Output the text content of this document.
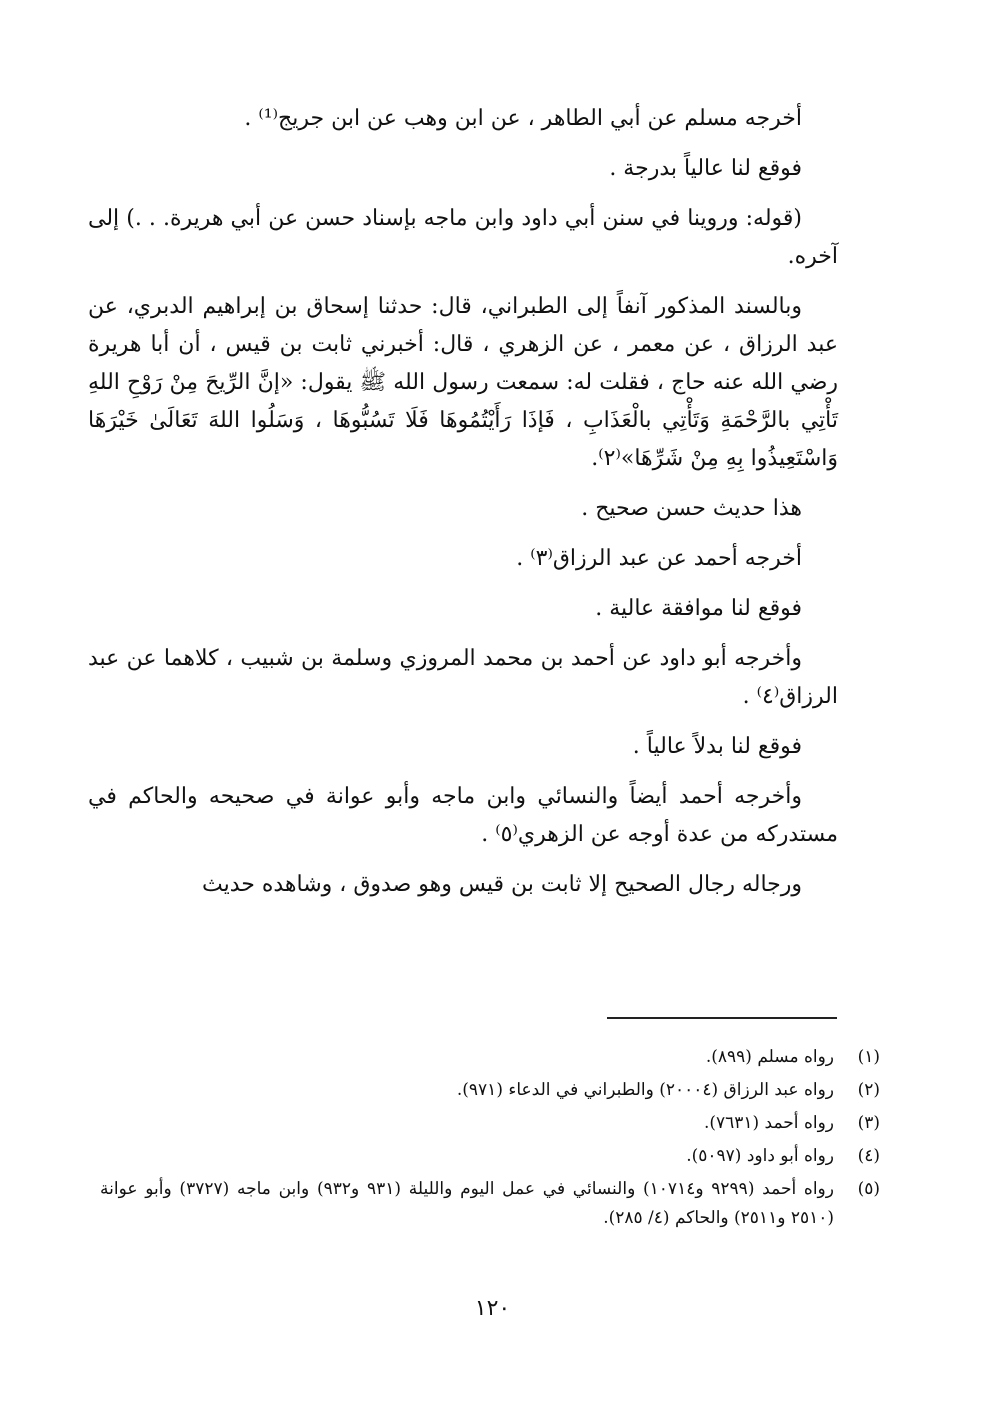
أخرجه مسلم عن أبي الطاهر ، عن ابن وهب عن ابن جريج⁽¹⁾ .

فوقع لنا عالياً بدرجة .

(قوله: وروينا في سنن أبي داود وابن ماجه بإسناد حسن عن أبي هريرة. . .) إلى آخره.

وبالسند المذكور آنفاً إلى الطبراني، قال: حدثنا إسحاق بن إبراهيم الدبري، عن عبد الرزاق ، عن معمر ، عن الزهري ، قال: أخبرني ثابت بن قيس ، أن أبا هريرة رضي الله عنه حاج ، فقلت له: سمعت رسول الله ﷺ يقول: «إنَّ الرِّيحَ مِنْ رَوْحِ اللهِ تَأْتِي بالرَّحْمَةِ وَتَأْتِي بالْعَذَابِ ، فَإذَا رَأَيْتُمُوهَا فَلَا تَسُبُّوهَا ، وَسَلُوا اللهَ تَعَالَىٰ خَيْرَهَا وَاسْتَعِيذُوا بِهِ مِنْ شَرِّهَا»⁽٢⁾.

هذا حديث حسن صحيح .

أخرجه أحمد عن عبد الرزاق⁽٣⁾ .

فوقع لنا موافقة عالية .

وأخرجه أبو داود عن أحمد بن محمد المروزي وسلمة بن شبيب ، كلاهما عن عبد الرزاق⁽٤⁾ .

فوقع لنا بدلاً عالياً .

وأخرجه أحمد أيضاً والنسائي وابن ماجه وأبو عوانة في صحيحه والحاكم في مستدركه من عدة أوجه عن الزهري⁽٥⁾ .

ورجاله رجال الصحيح إلا ثابت بن قيس وهو صدوق ، وشاهده حديث

(١)
رواه مسلم (٨٩٩).
(٢)
رواه عبد الرزاق (٢٠٠٠٤) والطبراني في الدعاء (٩٧١).
(٣)
رواه أحمد (٧٦٣١).
(٤)
رواه أبو داود (٥٠٩٧).
(٥)
رواه أحمد (٩٢٩٩ و١٠٧١٤) والنسائي في عمل اليوم والليلة (٩٣١ و٩٣٢) وابن ماجه (٣٧٢٧) وأبو عوانة (٢٥١٠ و٢٥١١) والحاكم (٤/ ٢٨٥).
١٢٠
